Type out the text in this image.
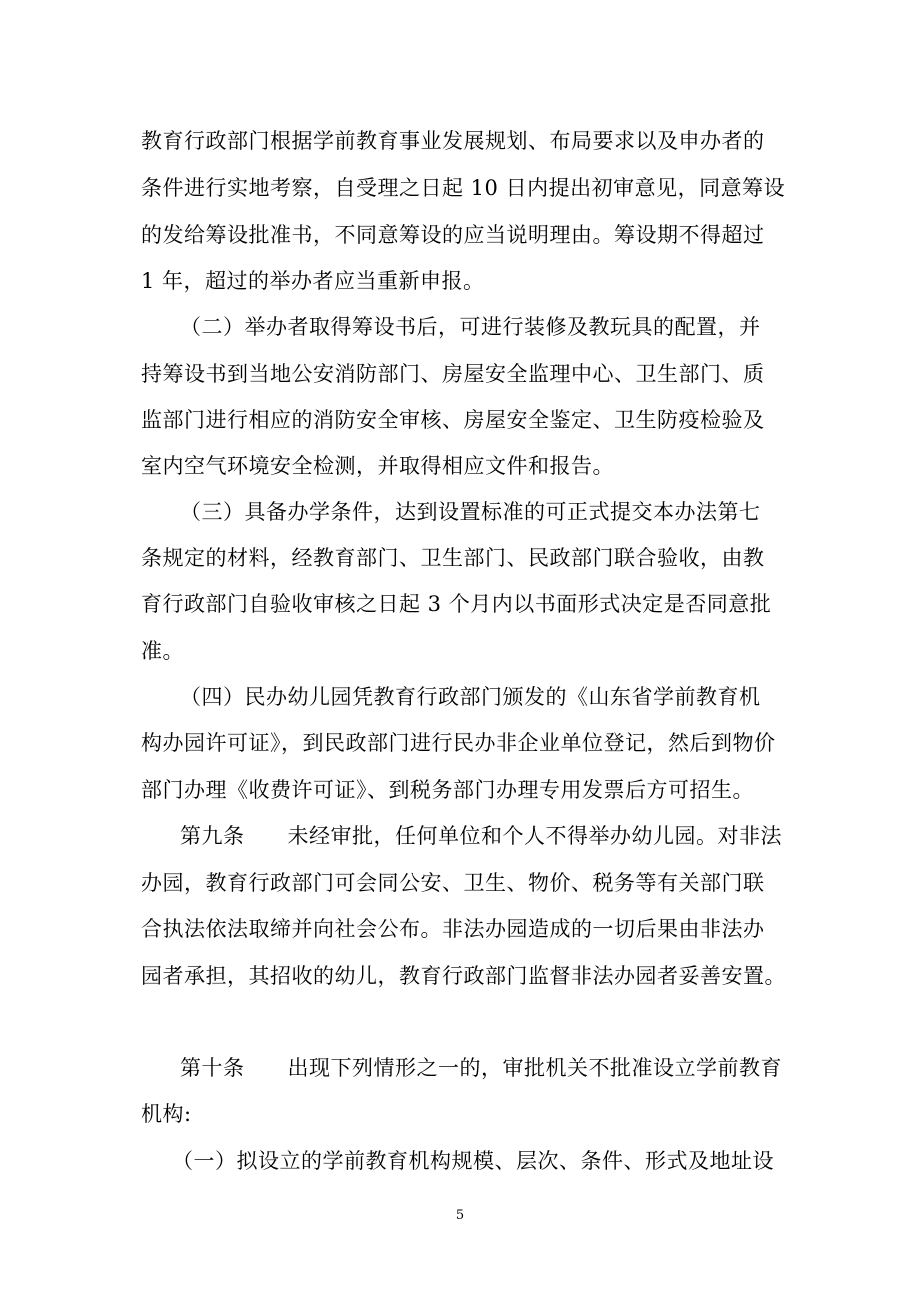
教育行政部门根据学前教育事业发展规划、布局要求以及申办者的
条件进行实地考察，自受理之日起 10 日内提出初审意见，同意筹设
的发给筹设批准书，不同意筹设的应当说明理由。筹设期不得超过
1 年，超过的举办者应当重新申报。
（二）举办者取得筹设书后，可进行装修及教玩具的配置，并
持筹设书到当地公安消防部门、房屋安全监理中心、卫生部门、质
监部门进行相应的消防安全审核、房屋安全鉴定、卫生防疫检验及
室内空气环境安全检测，并取得相应文件和报告。
（三）具备办学条件，达到设置标准的可正式提交本办法第七
条规定的材料，经教育部门、卫生部门、民政部门联合验收，由教
育行政部门自验收审核之日起 3 个月内以书面形式决定是否同意批
准。
（四）民办幼儿园凭教育行政部门颁发的《山东省学前教育机
构办园许可证》，到民政部门进行民办非企业单位登记，然后到物价
部门办理《收费许可证》、到税务部门办理专用发票后方可招生。
第九条　　未经审批，任何单位和个人不得举办幼儿园。对非法
办园，教育行政部门可会同公安、卫生、物价、税务等有关部门联
合执法依法取缔并向社会公布。非法办园造成的一切后果由非法办
园者承担，其招收的幼儿，教育行政部门监督非法办园者妥善安置。
第十条　　出现下列情形之一的，审批机关不批准设立学前教育
机构:
（一）拟设立的学前教育机构规模、层次、条件、形式及地址设
5
